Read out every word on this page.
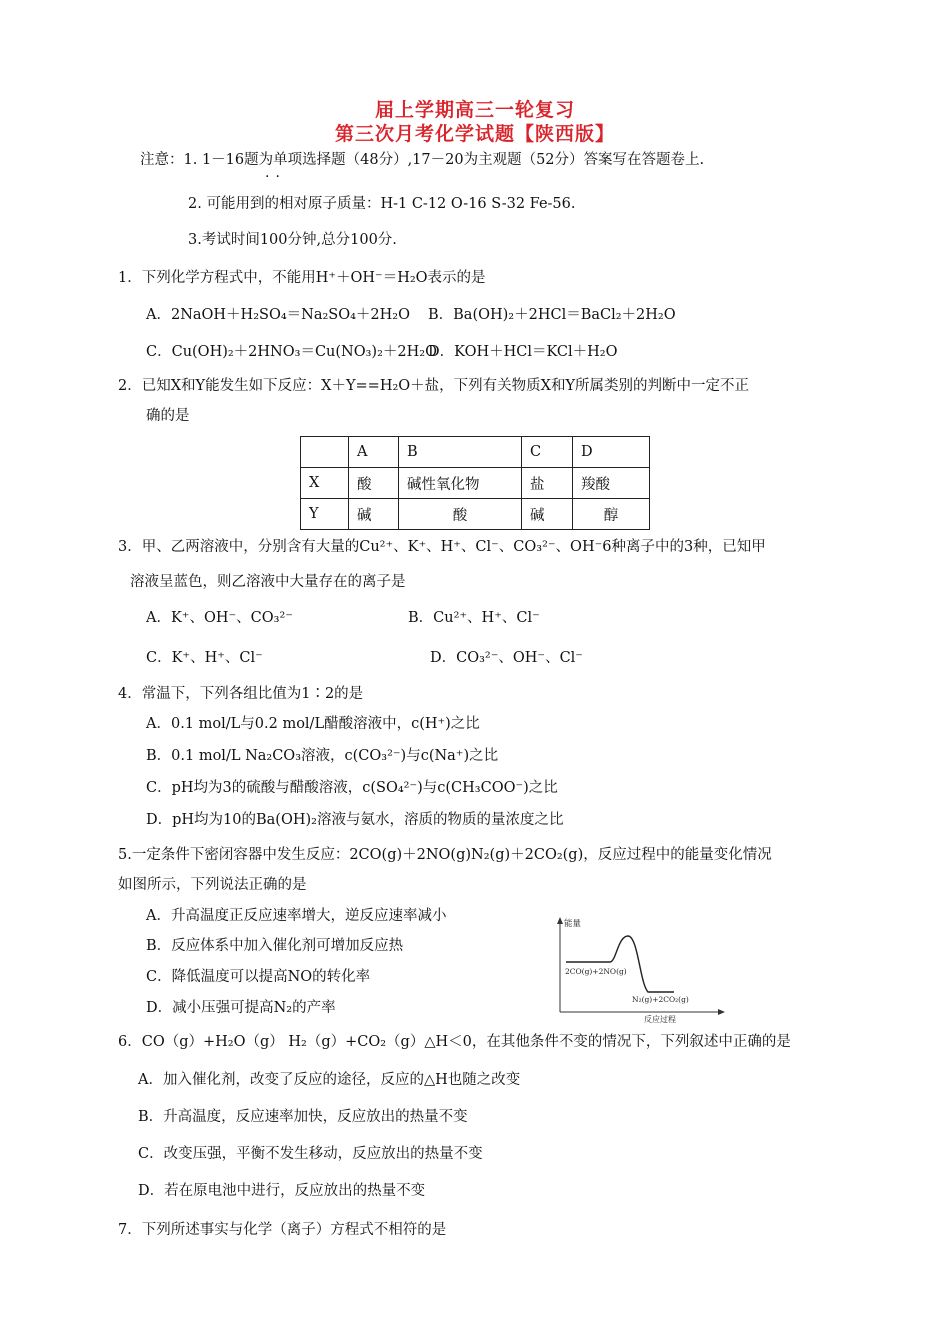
届上学期高三一轮复习
第三次月考化学试题【陕西版】
注意：1. 1－16题为单项选择题（48分）,17－20为主观题（52分）答案写在答题卷上.
··
2. 可能用到的相对原子质量：H-1 C-12 O-16 S-32 Fe-56.
3.考试时间100分钟,总分100分.
1．下列化学方程式中，不能用H⁺＋OH⁻＝H₂O表示的是
A．2NaOH＋H₂SO₄＝Na₂SO₄＋2H₂O B．Ba(OH)₂＋2HCl＝BaCl₂＋2H₂O
C．Cu(OH)₂＋2HNO₃＝Cu(NO₃)₂＋2H₂O
D．KOH＋HCl＝KCl＋H₂O
2．已知X和Y能发生如下反应：X＋Y==H₂O＋盐，下列有关物质X和Y所属类别的判断中一定不正
确的是
	A	B	C	D
X	酸	碱性氧化物	盐	羧酸
Y	碱	酸	碱	醇
3．甲、乙两溶液中，分别含有大量的Cu²⁺、K⁺、H⁺、Cl⁻、CO₃²⁻、OH⁻6种离子中的3种，已知甲
溶液呈蓝色，则乙溶液中大量存在的离子是
A．K⁺、OH⁻、CO₃²⁻	B．Cu²⁺、H⁺、Cl⁻
C．K⁺、H⁺、Cl⁻	D．CO₃²⁻、OH⁻、Cl⁻
4．常温下，下列各组比值为1∶2的是
A．0.1 mol/L与0.2 mol/L醋酸溶液中，c(H⁺)之比
B．0.1 mol/L Na₂CO₃溶液，c(CO₃²⁻)与c(Na⁺)之比
C．pH均为3的硫酸与醋酸溶液，c(SO₄²⁻)与c(CH₃COO⁻)之比
D．pH均为10的Ba(OH)₂溶液与氨水，溶质的物质的量浓度之比
5.一定条件下密闭容器中发生反应：2CO(g)＋2NO(g)N₂(g)＋2CO₂(g)，反应过程中的能量变化情况
如图所示，下列说法正确的是
A．升高温度正反应速率增大，逆反应速率减小
B．反应体系中加入催化剂可增加反应热
C．降低温度可以提高NO的转化率
D．减小压强可提高N₂的产率
能量
2CO(g)+2NO(g)
N₂(g)+2CO₂(g)
反应过程
6．CO（g）+H₂O（g） H₂（g）+CO₂（g）△H＜0，在其他条件不变的情况下，下列叙述中正确的是
A．加入催化剂，改变了反应的途径，反应的△H也随之改变
B．升高温度，反应速率加快，反应放出的热量不变
C．改变压强，平衡不发生移动，反应放出的热量不变
D．若在原电池中进行，反应放出的热量不变
7．下列所述事实与化学（离子）方程式不相符的是
